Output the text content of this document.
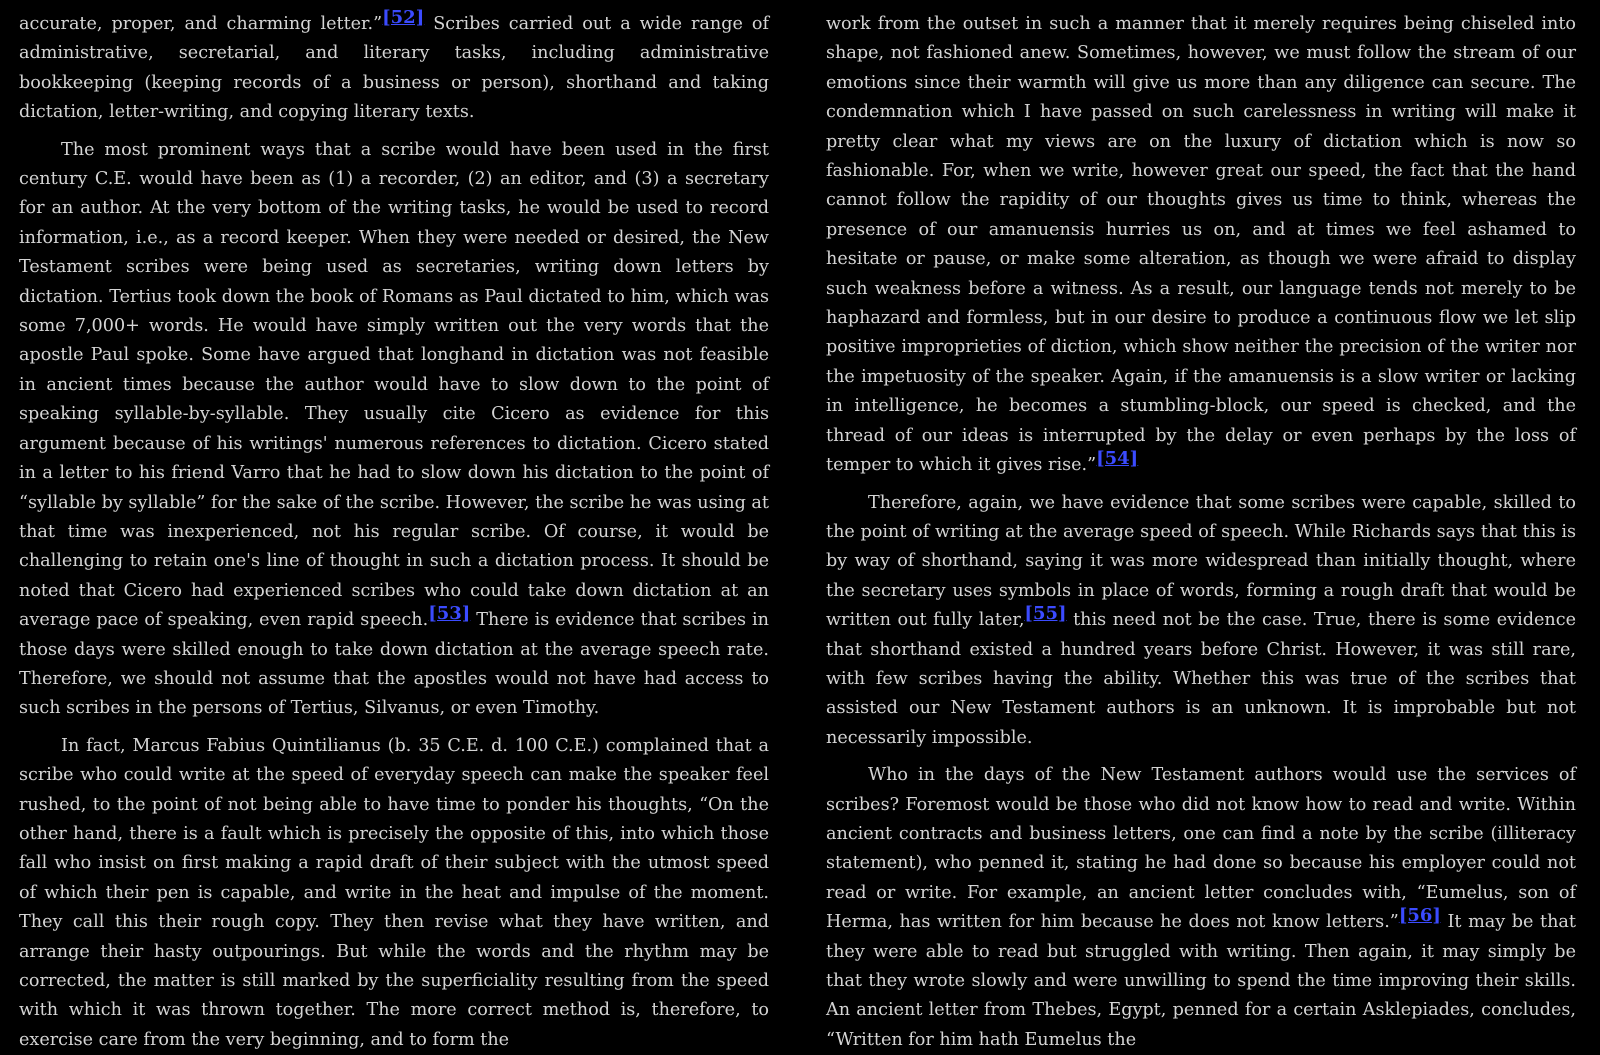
accurate, proper, and charming letter.”[52] Scribes carried out a wide range of administrative, secretarial, and literary tasks, including administrative bookkeeping (keeping records of a business or person), shorthand and taking dictation, letter-writing, and copying literary texts.

The most prominent ways that a scribe would have been used in the first century C.E. would have been as (1) a recorder, (2) an editor, and (3) a secretary for an author. At the very bottom of the writing tasks, he would be used to record information, i.e., as a record keeper. When they were needed or desired, the New Testament scribes were being used as secretaries, writing down letters by dictation. Tertius took down the book of Romans as Paul dictated to him, which was some 7,000+ words. He would have simply written out the very words that the apostle Paul spoke. Some have argued that longhand in dictation was not feasible in ancient times because the author would have to slow down to the point of speaking syllable-by-syllable. They usually cite Cicero as evidence for this argument because of his writings' numerous references to dictation. Cicero stated in a letter to his friend Varro that he had to slow down his dictation to the point of “syllable by syllable” for the sake of the scribe. However, the scribe he was using at that time was inexperienced, not his regular scribe. Of course, it would be challenging to retain one's line of thought in such a dictation process. It should be noted that Cicero had experienced scribes who could take down dictation at an average pace of speaking, even rapid speech.[53] There is evidence that scribes in those days were skilled enough to take down dictation at the average speech rate. Therefore, we should not assume that the apostles would not have had access to such scribes in the persons of Tertius, Silvanus, or even Timothy.

In fact, Marcus Fabius Quintilianus (b. 35 C.E. d. 100 C.E.) complained that a scribe who could write at the speed of everyday speech can make the speaker feel rushed, to the point of not being able to have time to ponder his thoughts, “On the other hand, there is a fault which is precisely the opposite of this, into which those fall who insist on first making a rapid draft of their subject with the utmost speed of which their pen is capable, and write in the heat and impulse of the moment. They call this their rough copy. They then revise what they have written, and arrange their hasty outpourings. But while the words and the rhythm may be corrected, the matter is still marked by the superficiality resulting from the speed with which it was thrown together. The more correct method is, therefore, to exercise care from the very beginning, and to form the

work from the outset in such a manner that it merely requires being chiseled into shape, not fashioned anew. Sometimes, however, we must follow the stream of our emotions since their warmth will give us more than any diligence can secure. The condemnation which I have passed on such carelessness in writing will make it pretty clear what my views are on the luxury of dictation which is now so fashionable. For, when we write, however great our speed, the fact that the hand cannot follow the rapidity of our thoughts gives us time to think, whereas the presence of our amanuensis hurries us on, and at times we feel ashamed to hesitate or pause, or make some alteration, as though we were afraid to display such weakness before a witness. As a result, our language tends not merely to be haphazard and formless, but in our desire to produce a continuous flow we let slip positive improprieties of diction, which show neither the precision of the writer nor the impetuosity of the speaker. Again, if the amanuensis is a slow writer or lacking in intelligence, he becomes a stumbling-block, our speed is checked, and the thread of our ideas is interrupted by the delay or even perhaps by the loss of temper to which it gives rise.”[54]

Therefore, again, we have evidence that some scribes were capable, skilled to the point of writing at the average speed of speech. While Richards says that this is by way of shorthand, saying it was more widespread than initially thought, where the secretary uses symbols in place of words, forming a rough draft that would be written out fully later,[55] this need not be the case. True, there is some evidence that shorthand existed a hundred years before Christ. However, it was still rare, with few scribes having the ability. Whether this was true of the scribes that assisted our New Testament authors is an unknown. It is improbable but not necessarily impossible.

Who in the days of the New Testament authors would use the services of scribes? Foremost would be those who did not know how to read and write. Within ancient contracts and business letters, one can find a note by the scribe (illiteracy statement), who penned it, stating he had done so because his employer could not read or write. For example, an ancient letter concludes with, “Eumelus, son of Herma, has written for him because he does not know letters.”[56] It may be that they were able to read but struggled with writing. Then again, it may simply be that they wrote slowly and were unwilling to spend the time improving their skills. An ancient letter from Thebes, Egypt, penned for a certain Asklepiades, concludes, “Written for him hath Eumelus the
